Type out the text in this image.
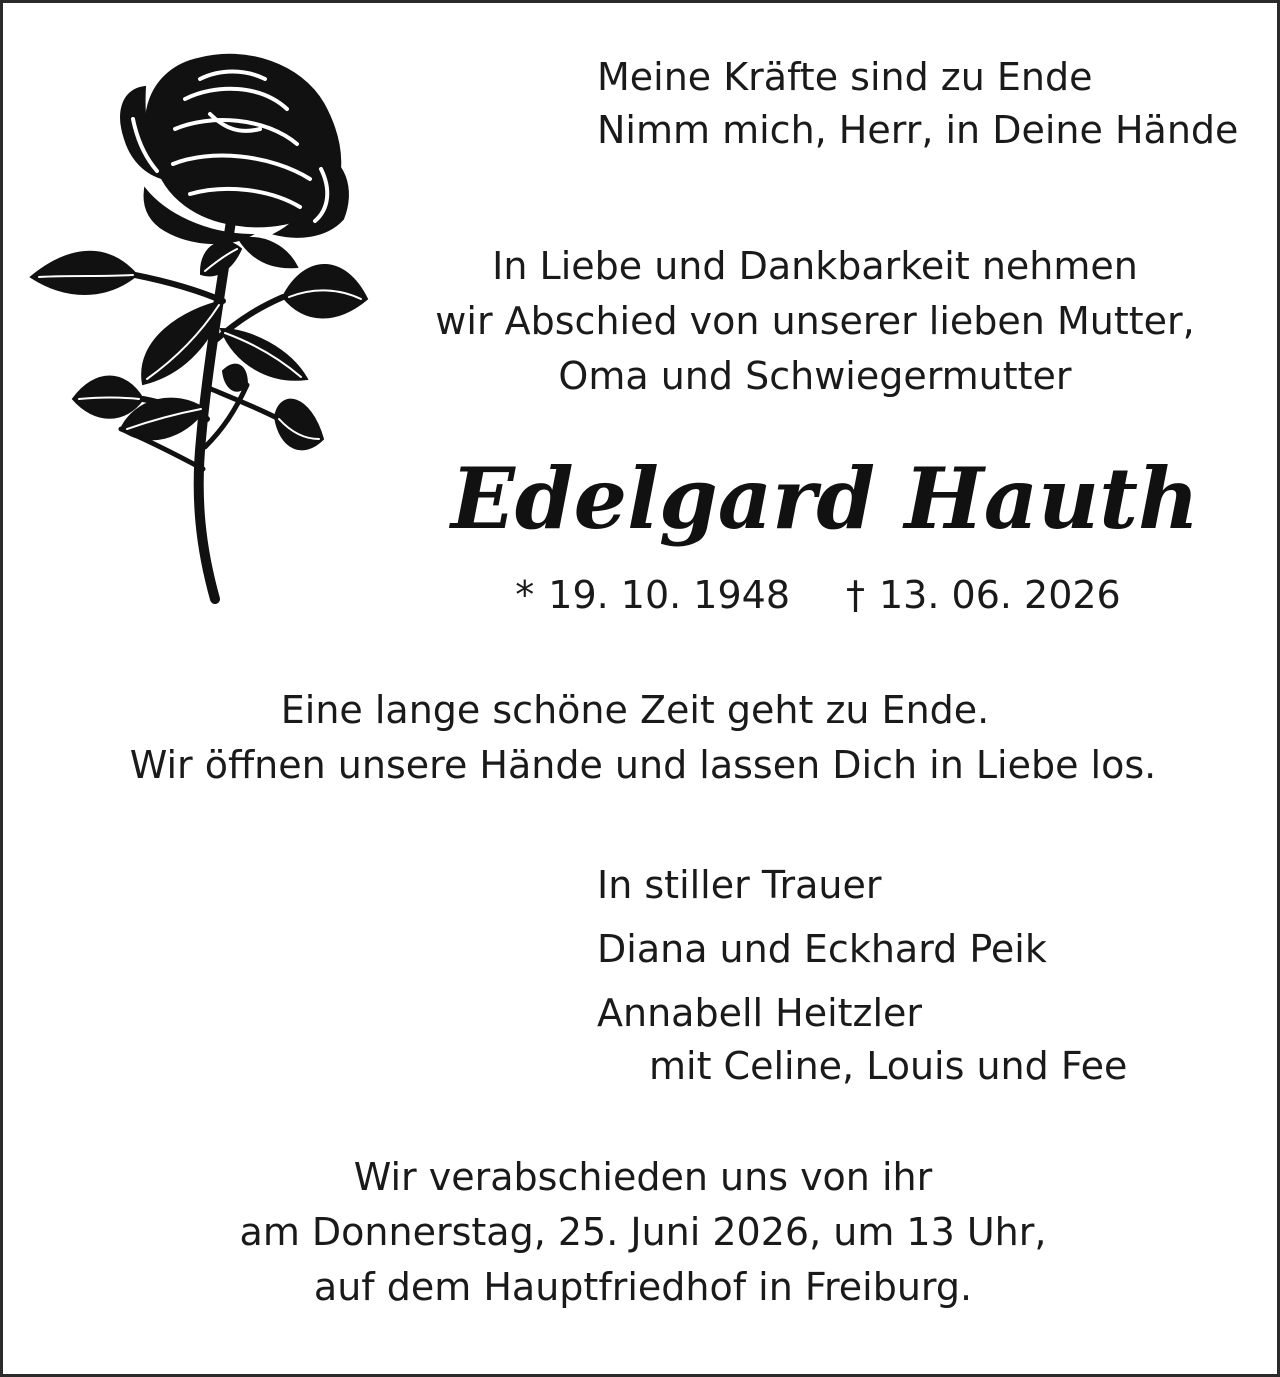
Meine Kräfte sind zu Ende

Nimm mich, Herr, in Deine Hände

In Liebe und Dankbarkeit nehmen

wir Abschied von unserer lieben Mutter,

Oma und Schwiegermutter

Edelgard Hauth
* 19. 10. 1948 † 13. 06. 2026

Eine lange schöne Zeit geht zu Ende.

Wir öffnen unsere Hände und lassen Dich in Liebe los.

In stiller Trauer

Diana und Eckhard Peik

Annabell Heitzler

mit Celine, Louis und Fee

Wir verabschieden uns von ihr

am Donnerstag, 25. Juni 2026, um 13 Uhr,

auf dem Hauptfriedhof in Freiburg.
